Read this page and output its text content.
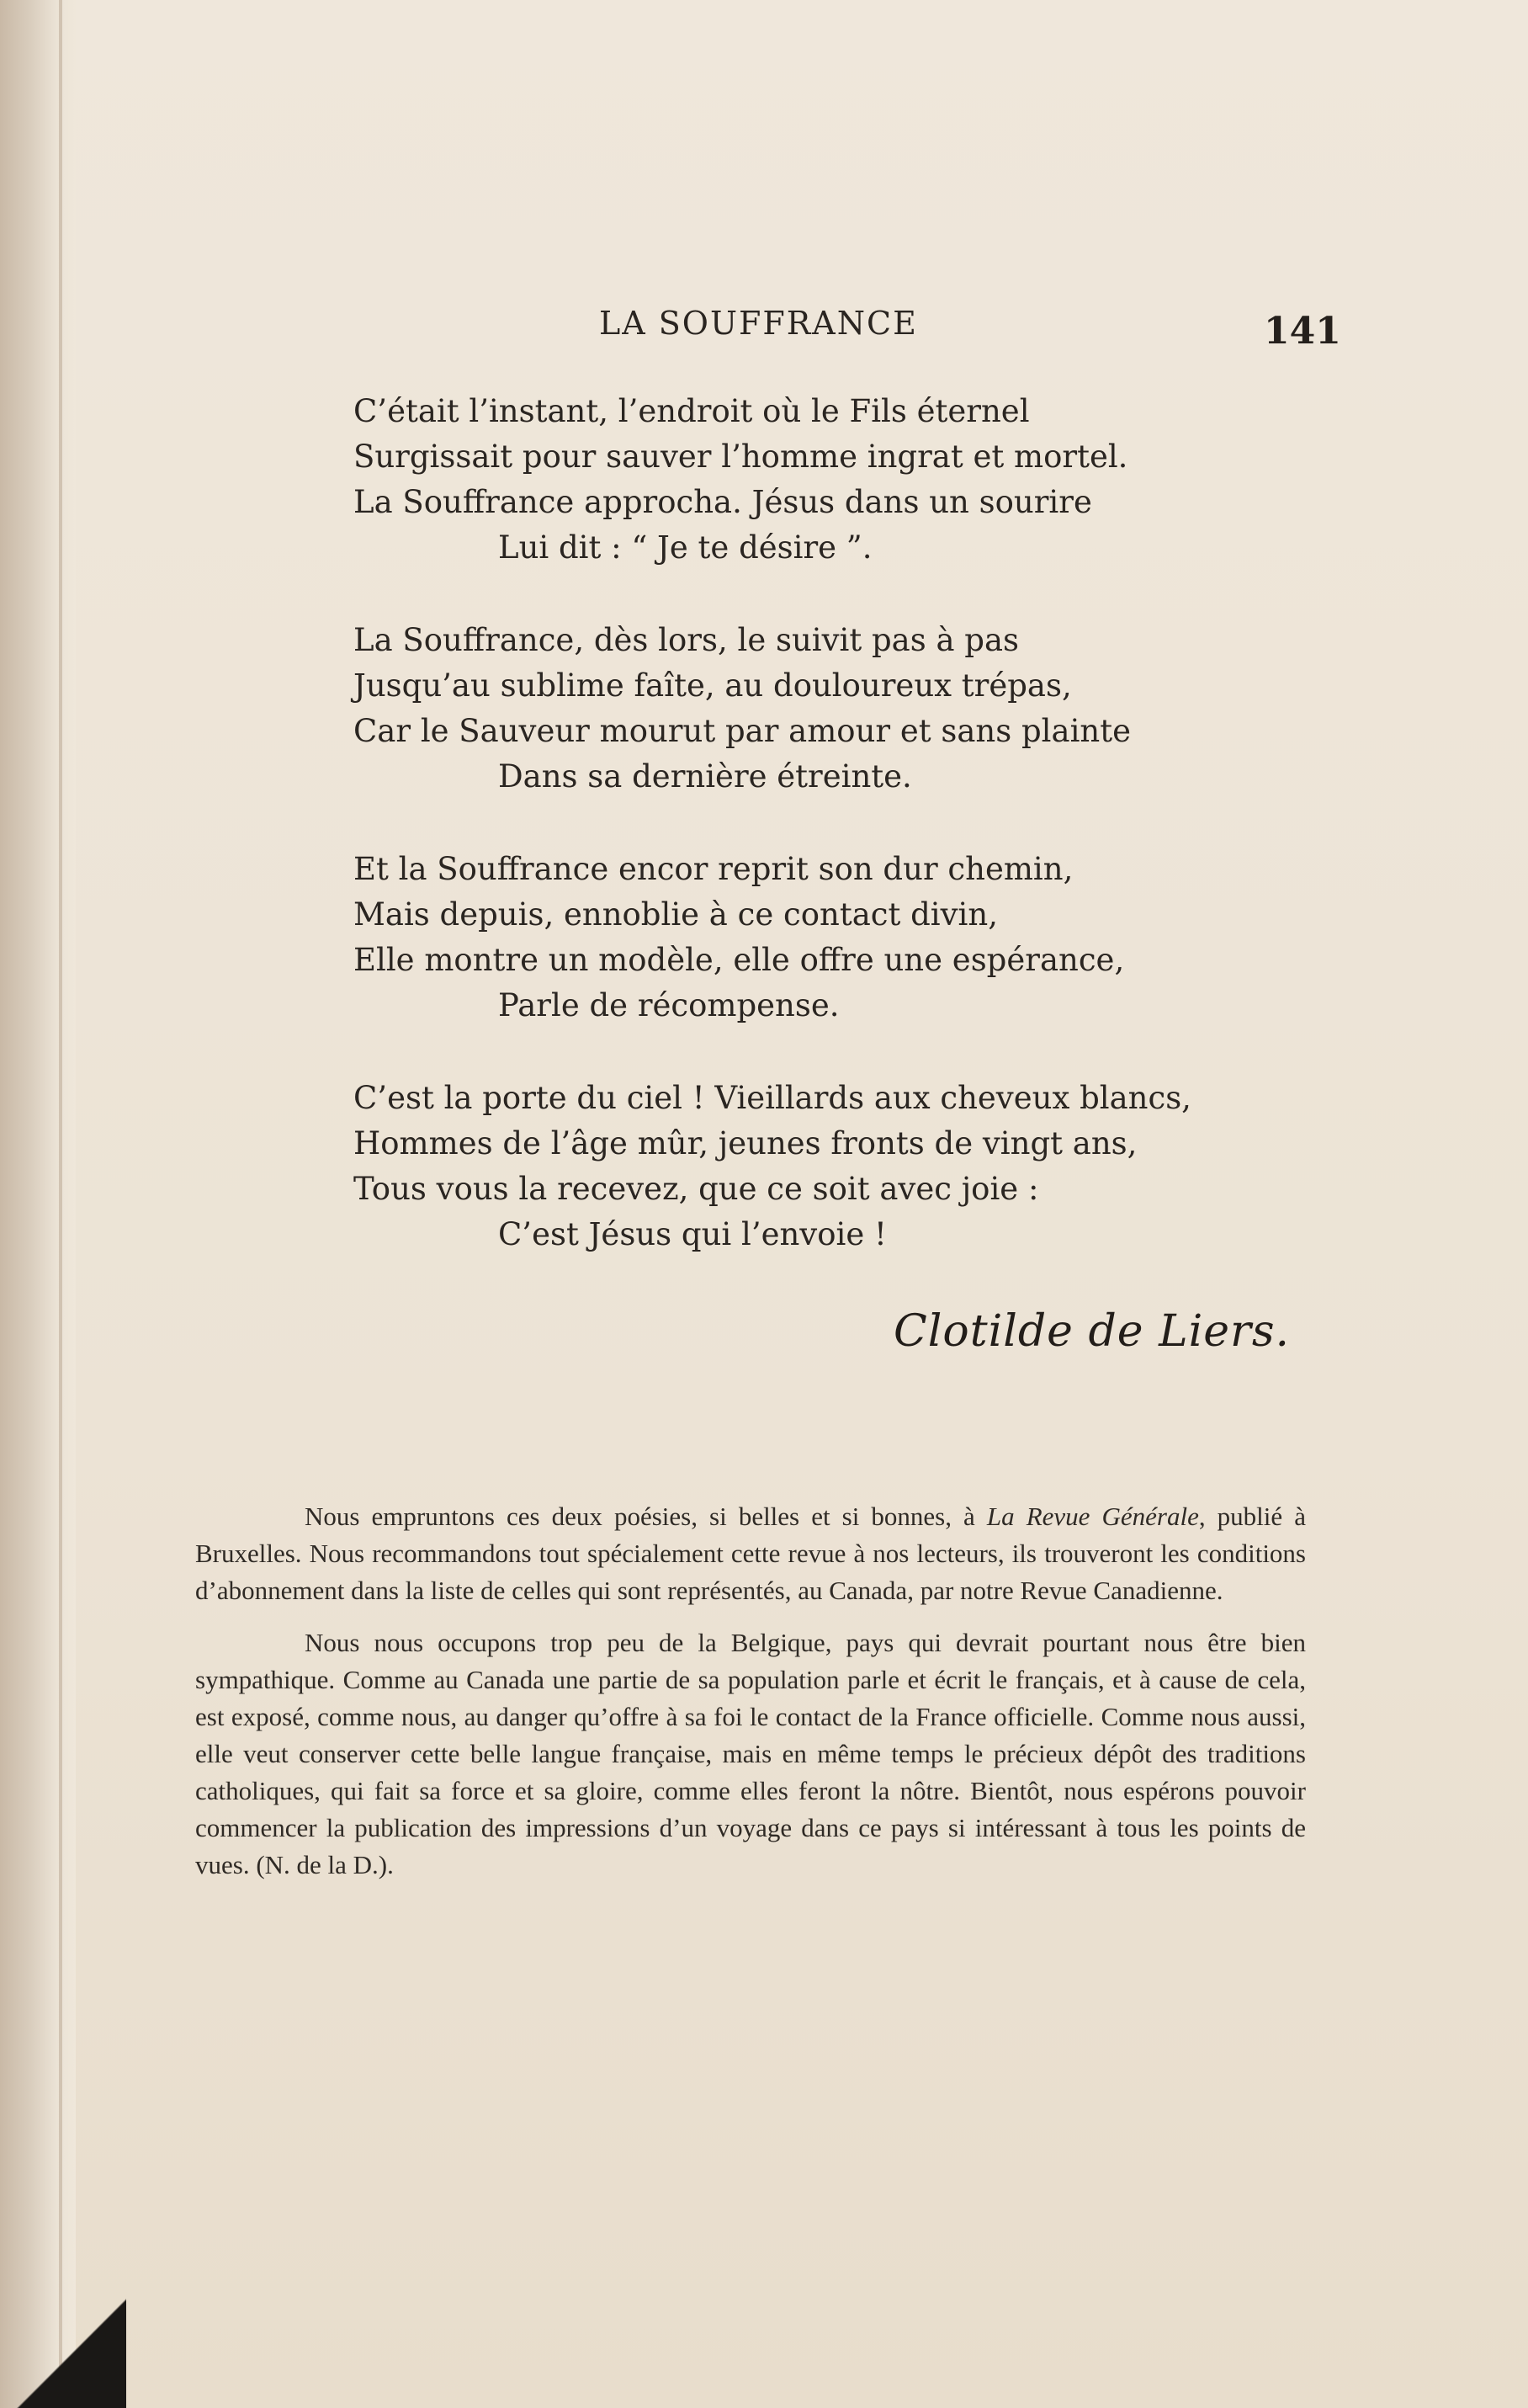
LA SOUFFRANCE	141
C’était l’instant, l’endroit où le Fils éternel
Surgissait pour sauver l’homme ingrat et mortel.
La Souffrance approcha. Jésus dans un sourire
Lui dit : “ Je te désire ”.
La Souffrance, dès lors, le suivit pas à pas
Jusqu’au sublime faîte, au douloureux trépas,
Car le Sauveur mourut par amour et sans plainte
Dans sa dernière étreinte.
Et la Souffrance encor reprit son dur chemin,
Mais depuis, ennoblie à ce contact divin,
Elle montre un modèle, elle offre une espérance,
Parle de récompense.
C’est la porte du ciel ! Vieillards aux cheveux blancs,
Hommes de l’âge mûr, jeunes fronts de vingt ans,
Tous vous la recevez, que ce soit avec joie :
C’est Jésus qui l’envoie !
Clotilde de Liers.

Nous empruntons ces deux poésies, si belles et si bonnes, à La Revue Générale, publié à Bruxelles. Nous recommandons tout spécialement cette revue à nos lecteurs, ils trouveront les conditions d’abonnement dans la liste de celles qui sont représentés, au Canada, par notre Revue Canadienne.

Nous nous occupons trop peu de la Belgique, pays qui devrait pourtant nous être bien sympathique. Comme au Canada une partie de sa population parle et écrit le français, et à cause de cela, est exposé, comme nous, au danger qu’offre à sa foi le contact de la France officielle. Comme nous aussi, elle veut conserver cette belle langue française, mais en même temps le précieux dépôt des traditions catholiques, qui fait sa force et sa gloire, comme elles feront la nôtre. Bientôt, nous espérons pouvoir commencer la publication des impressions d’un voyage dans ce pays si intéressant à tous les points de vues. (N. de la D.).
